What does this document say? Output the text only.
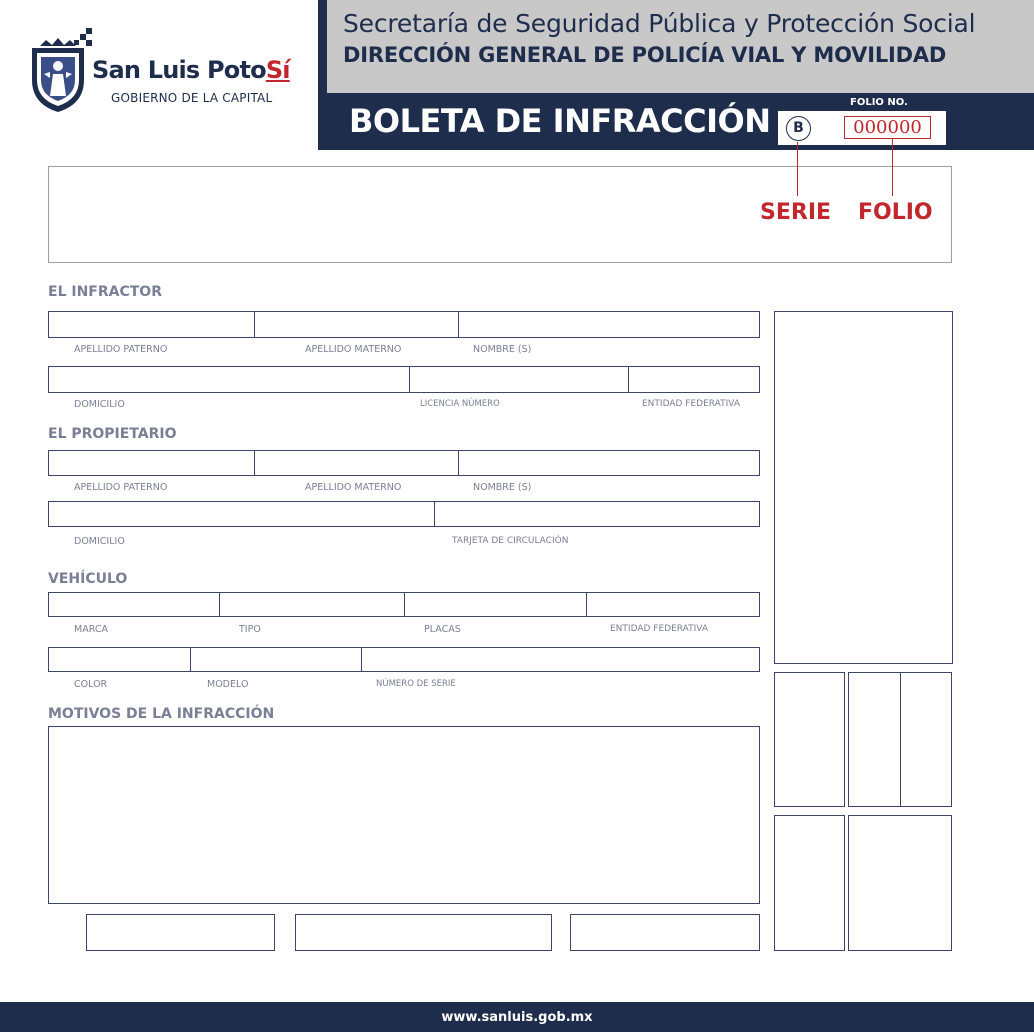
Secretaría de Seguridad Pública y Protección Social
DIRECCIÓN GENERAL DE POLICÍA VIAL Y MOVILIDAD
BOLETA DE INFRACCIÓN	FOLIO NO.
B	000000
San Luis PotoSí
GOBIERNO DE LA CAPITAL
SERIE FOLIO
EL INFRACTOR
APELLIDO PATERNO	APELLIDO MATERNO	NOMBRE (S)
DOMICILIO	LICENCIA NÚMERO	ENTIDAD FEDERATIVA
EL PROPIETARIO
APELLIDO PATERNO	APELLIDO MATERNO	NOMBRE (S)
DOMICILIO	TARJETA DE CIRCULACIÓN
VEHÍCULO
MARCA	TIPO	PLACAS	ENTIDAD FEDERATIVA
COLOR	MODELO	NÚMERO DE SERIE
MOTIVOS DE LA INFRACCIÓN
www.sanluis.gob.mx
